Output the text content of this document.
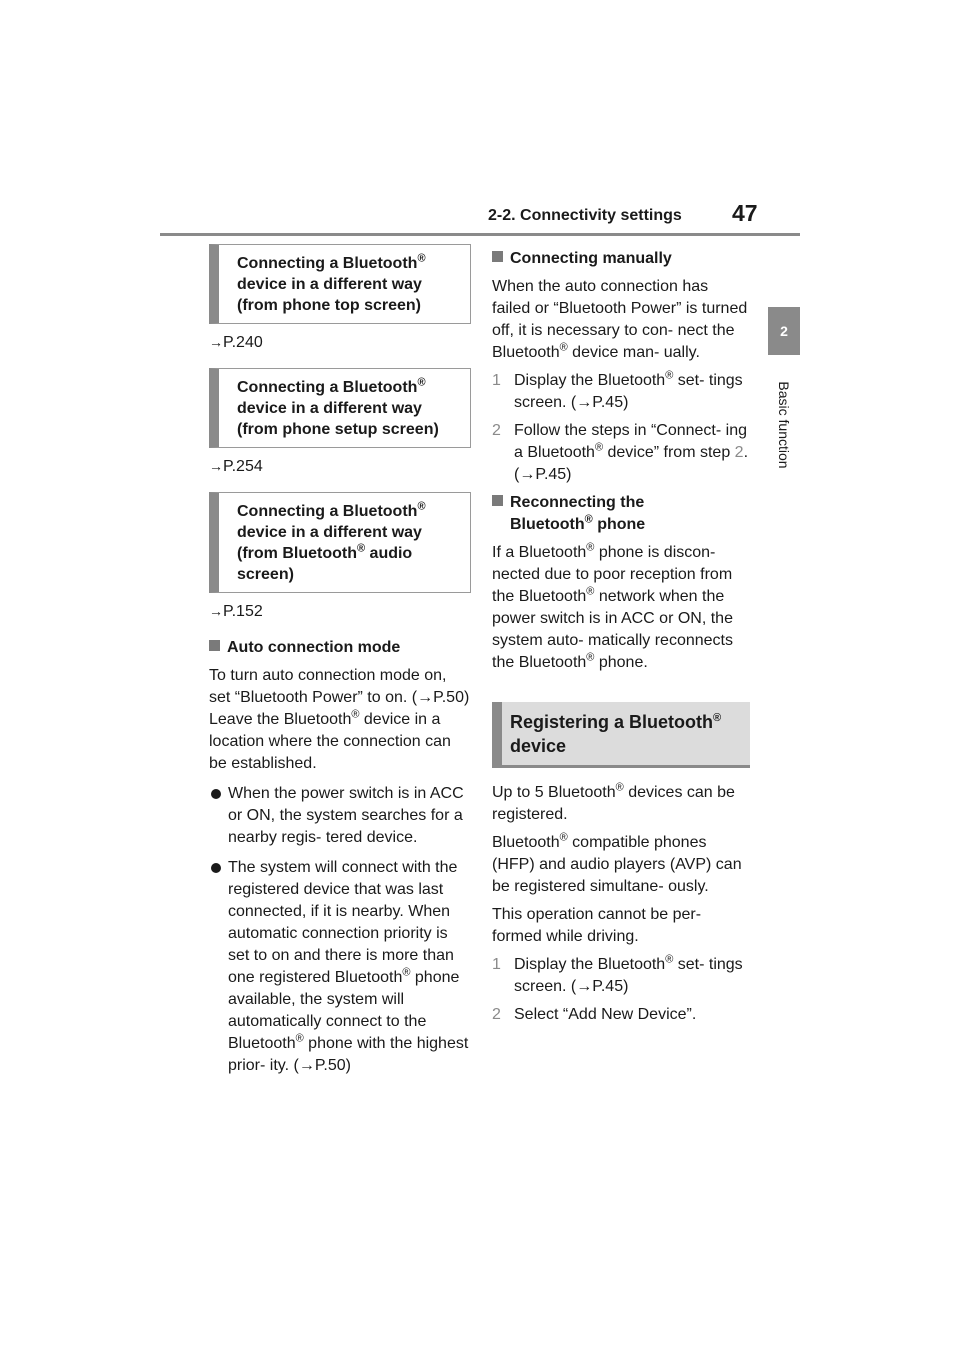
2-2. Connectivity settings 47
2
Basic function
Connecting a Bluetooth®
device in a different way
(from phone top screen)
→P.240
Connecting a Bluetooth®
device in a different way
(from phone setup screen)
→P.254
Connecting a Bluetooth®
device in a different way
(from Bluetooth® audio
screen)
→P.152
Auto connection mode
To turn auto connection mode on, set “Bluetooth Power” to on. (→P.50) Leave the Bluetooth® device in a location where the connection can be established.
When the power switch is in ACC or ON, the system searches for a nearby regis- tered device.
The system will connect with the registered device that was last connected, if it is nearby. When automatic connection priority is set to on and there is more than one registered Bluetooth® phone available, the system will automatically connect to the Bluetooth® phone with the highest prior- ity. (→P.50)
Connecting manually
When the auto connection has failed or “Bluetooth Power” is turned off, it is necessary to con- nect the Bluetooth® device man- ually.
1 Display the Bluetooth® set- tings screen. (→P.45)
2 Follow the steps in “Connect- ing a Bluetooth® device” from step 2. (→P.45)
Reconnecting the
Bluetooth® phone
If a Bluetooth® phone is discon- nected due to poor reception from the Bluetooth® network when the power switch is in ACC or ON, the system auto- matically reconnects the Bluetooth® phone.
Registering a Bluetooth®
device
Up to 5 Bluetooth® devices can be registered.
Bluetooth® compatible phones (HFP) and audio players (AVP) can be registered simultane- ously.
This operation cannot be per- formed while driving.
1 Display the Bluetooth® set- tings screen. (→P.45)
2 Select “Add New Device”.
